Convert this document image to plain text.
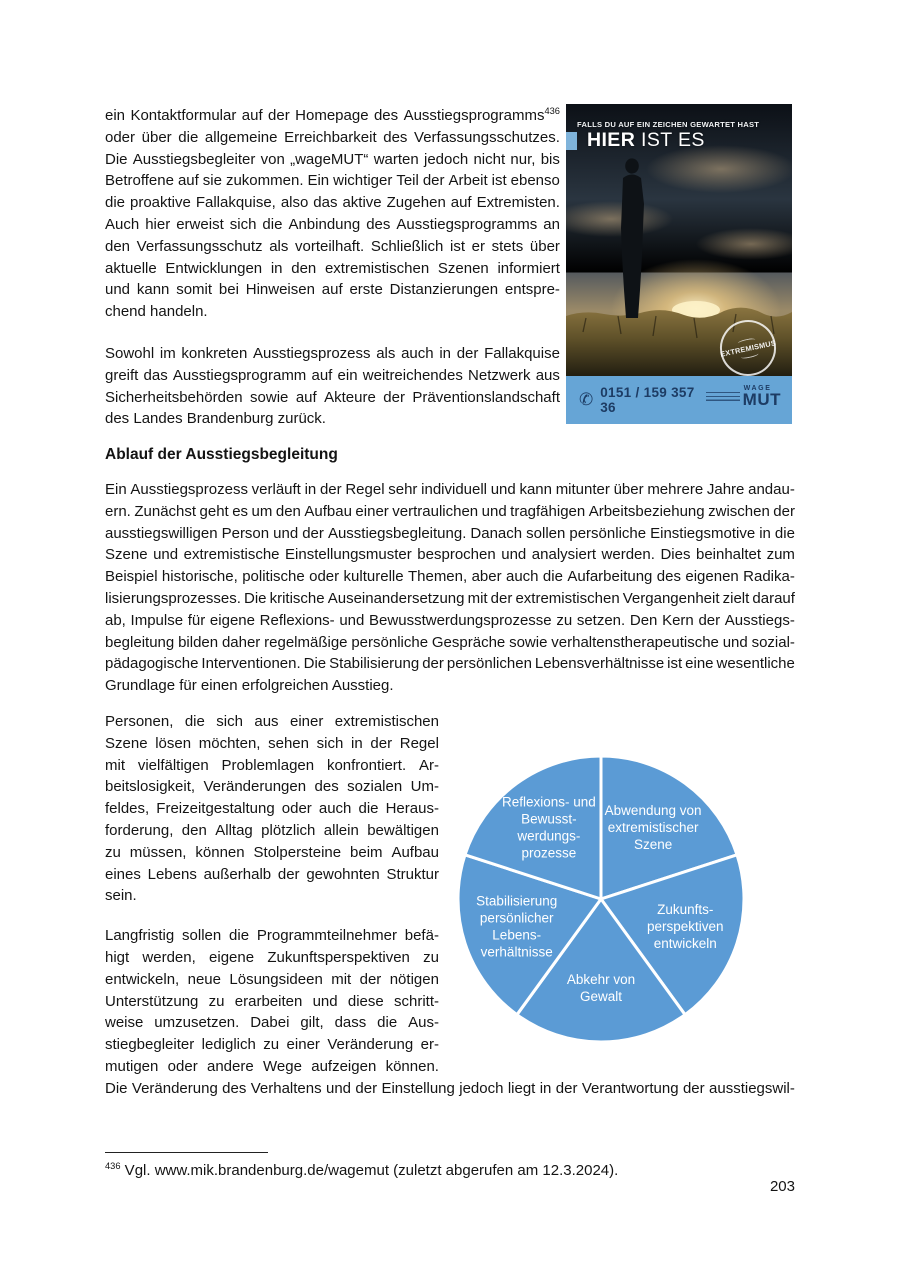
ein Kontaktformular auf der Homepage des Ausstiegsprogramms$^{436}$
oder über die allgemeine Erreichbarkeit des Verfassungsschutzes.
Die Ausstiegsbegleiter von „wageMUT“ warten jedoch nicht nur, bis
Betroffene auf sie zukommen. Ein wichtiger Teil der Arbeit ist ebenso
die proaktive Fallakquise, also das aktive Zugehen auf Extremisten.
Auch hier erweist sich die Anbindung des Ausstiegsprogramms an
den Verfassungsschutz als vorteilhaft. Schließlich ist er stets über
aktuelle Entwicklungen in den extremistischen Szenen informiert
und kann somit bei Hinweisen auf erste Distanzierungen entspre-
chend handeln.
Sowohl im konkreten Ausstiegsprozess als auch in der Fallakquise
greift das Ausstiegsprogramm auf ein weitreichendes Netzwerk aus
Sicherheitsbehörden sowie auf Akteure der Präventionslandschaft
des Landes Brandenburg zurück.
FALLS DU AUF EIN ZEICHEN GEWARTET HAST
HIER IST ES
EXTREMISMUS
✆ 0151 / 159 357 36
WAGE
MUT
Ablauf der Ausstiegsbegleitung
Ein Ausstiegsprozess verläuft in der Regel sehr individuell und kann mitunter über mehrere Jahre andau-
ern. Zunächst geht es um den Aufbau einer vertraulichen und tragfähigen Arbeitsbeziehung zwischen der
ausstiegswilligen Person und der Ausstiegsbegleitung. Danach sollen persönliche Einstiegsmotive in die
Szene und extremistische Einstellungsmuster besprochen und analysiert werden. Dies beinhaltet zum
Beispiel historische, politische oder kulturelle Themen, aber auch die Aufarbeitung des eigenen Radika-
lisierungsprozesses. Die kritische Auseinandersetzung mit der extremistischen Vergangenheit zielt darauf
ab, Impulse für eigene Reflexions- und Bewusstwerdungsprozesse zu setzen. Den Kern der Ausstiegs-
begleitung bilden daher regelmäßige persönliche Gespräche sowie verhaltenstherapeutische und sozial-
pädagogische Interventionen. Die Stabilisierung der persönlichen Lebensverhältnisse ist eine wesentliche
Grundlage für einen erfolgreichen Ausstieg.
Personen, die sich aus einer extremistischen
Szene lösen möchten, sehen sich in der Regel
mit vielfältigen Problemlagen konfrontiert. Ar-
beitslosigkeit, Veränderungen des sozialen Um-
feldes, Freizeitgestaltung oder auch die Heraus-
forderung, den Alltag plötzlich allein bewältigen
zu müssen, können Stolpersteine beim Aufbau
eines Lebens außerhalb der gewohnten Struktur
sein.
Langfristig sollen die Programmteilnehmer befä-
higt werden, eigene Zukunftsperspektiven zu
entwickeln, neue Lösungsideen mit der nötigen
Unterstützung zu erarbeiten und diese schritt-
weise umzusetzen. Dabei gilt, dass die Aus-
stiegbegleiter lediglich zu einer Veränderung er-
mutigen oder andere Wege aufzeigen können.
Abwendung von extremistischer Szene
Zukunfts-perspektiven entwickeln
Abkehr von Gewalt
Stabilisierung persönlicher Lebens-verhältnisse
Reflexions- und Bewusst-werdungs-prozesse
Die Veränderung des Verhaltens und der Einstellung jedoch liegt in der Verantwortung der ausstiegswil-
$^{436}$ Vgl. www.mik.brandenburg.de/wagemut (zuletzt abgerufen am 12.3.2024).
203
